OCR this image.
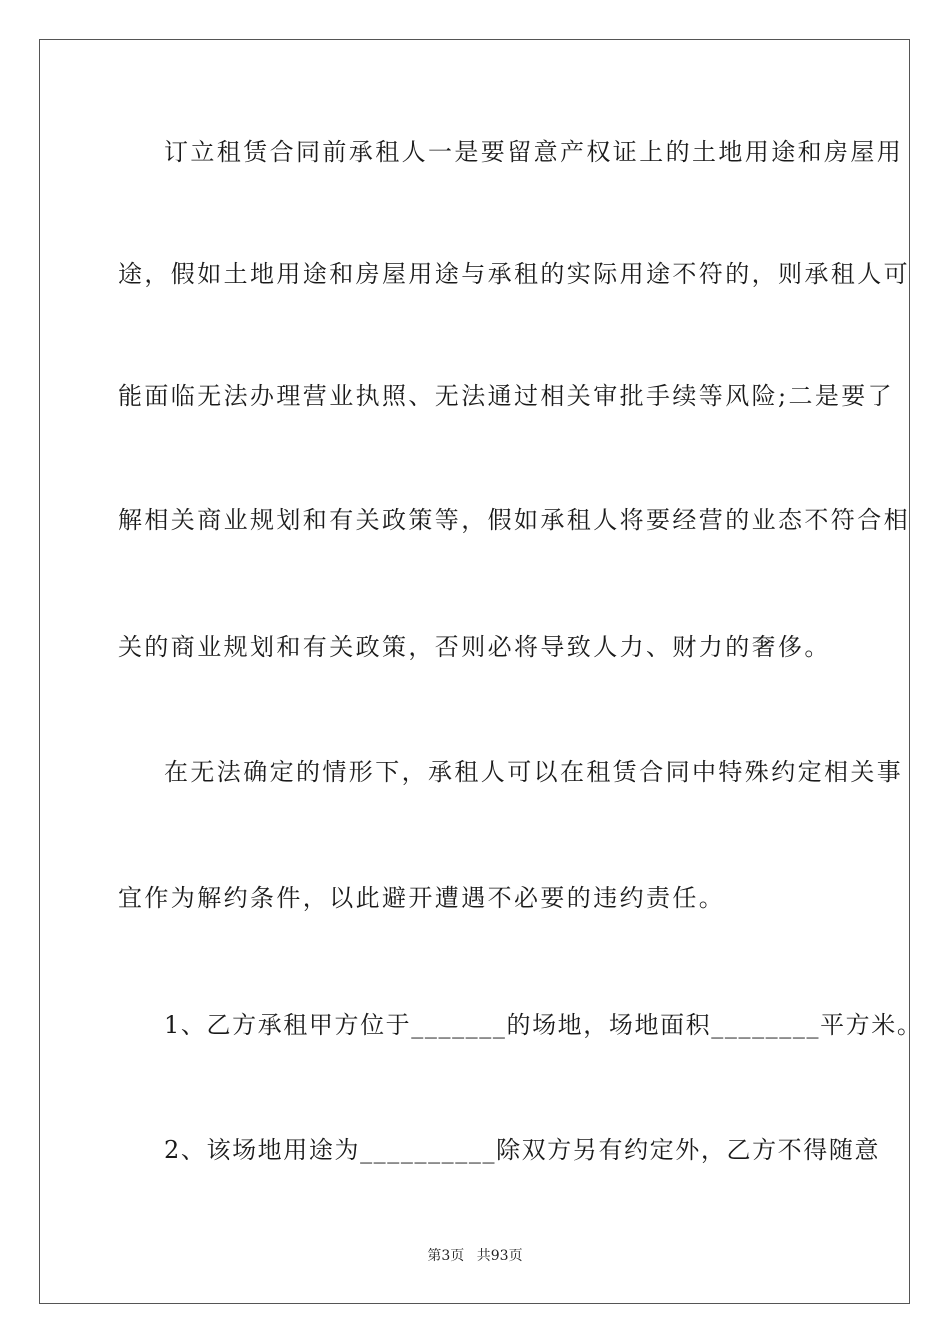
订立租赁合同前承租人一是要留意产权证上的土地用途和房屋用
途，假如土地用途和房屋用途与承租的实际用途不符的，则承租人可
能面临无法办理营业执照、无法通过相关审批手续等风险;二是要了
解相关商业规划和有关政策等，假如承租人将要经营的业态不符合相
关的商业规划和有关政策，否则必将导致人力、财力的奢侈。
在无法确定的情形下，承租人可以在租赁合同中特殊约定相关事
宜作为解约条件，以此避开遭遇不必要的违约责任。
1、乙方承租甲方位于_______的场地，场地面积________平方米。
2、该场地用途为__________除双方另有约定外，乙方不得随意
第3页 共93页
